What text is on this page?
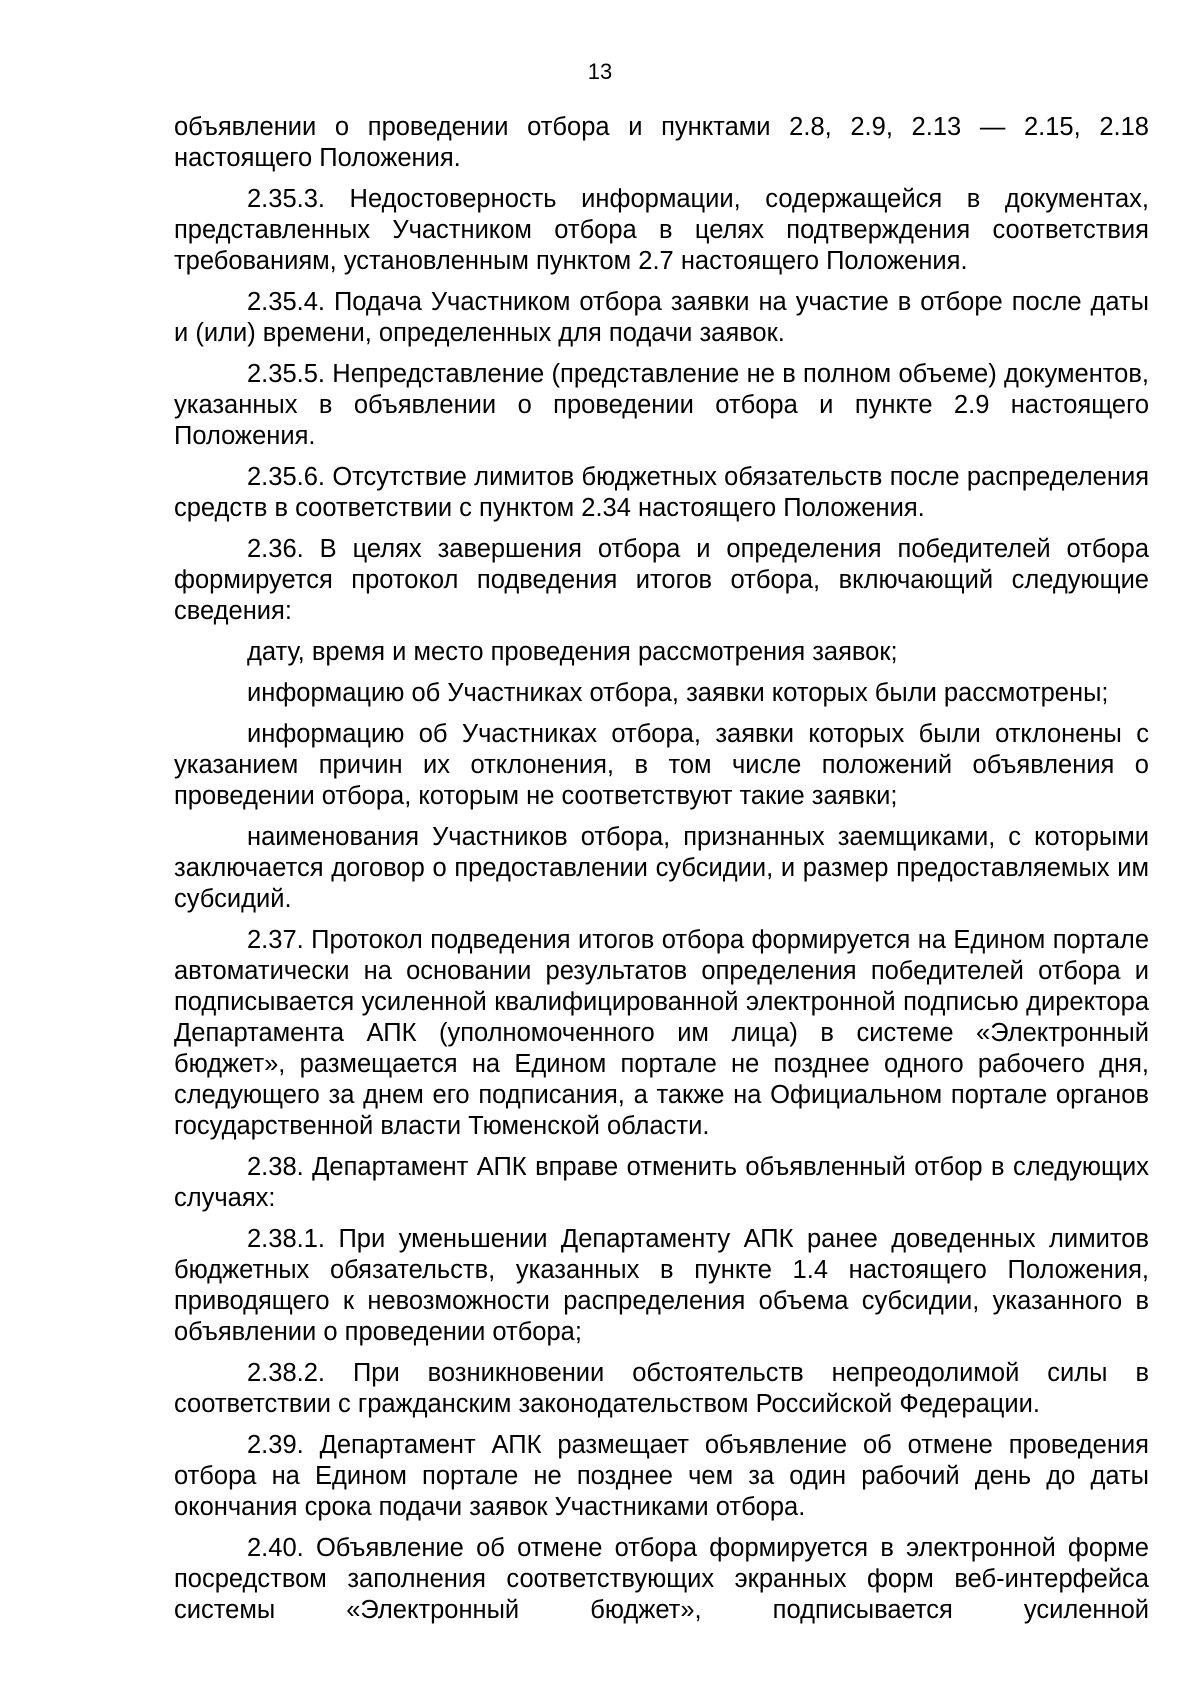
13

объявлении о проведении отбора и пунктами 2.8, 2.9, 2.13 — 2.15, 2.18 настоящего Положения.

2.35.3. Недостоверность информации, содержащейся в документах, представленных Участником отбора в целях подтверждения соответствия требованиям, установленным пунктом 2.7 настоящего Положения.

2.35.4. Подача Участником отбора заявки на участие в отборе после даты и (или) времени, определенных для подачи заявок.

2.35.5. Непредставление (представление не в полном объеме) документов, указанных в объявлении о проведении отбора и пункте 2.9 настоящего Положения.

2.35.6. Отсутствие лимитов бюджетных обязательств после распределения средств в соответствии с пунктом 2.34 настоящего Положения.

2.36. В целях завершения отбора и определения победителей отбора формируется протокол подведения итогов отбора, включающий следующие сведения:

дату, время и место проведения рассмотрения заявок;

информацию об Участниках отбора, заявки которых были рассмотрены;

информацию об Участниках отбора, заявки которых были отклонены с указанием причин их отклонения, в том числе положений объявления о проведении отбора, которым не соответствуют такие заявки;

наименования Участников отбора, признанных заемщиками, с которыми заключается договор о предоставлении субсидии, и размер предоставляемых им субсидий.

2.37. Протокол подведения итогов отбора формируется на Едином портале автоматически на основании результатов определения победителей отбора и подписывается усиленной квалифицированной электронной подписью директора Департамента АПК (уполномоченного им лица) в системе «Электронный бюджет», размещается на Едином портале не позднее одного рабочего дня, следующего за днем его подписания, а также на Официальном портале органов государственной власти Тюменской области.

2.38. Департамент АПК вправе отменить объявленный отбор в следующих случаях:

2.38.1. При уменьшении Департаменту АПК ранее доведенных лимитов бюджетных обязательств, указанных в пункте 1.4 настоящего Положения, приводящего к невозможности распределения объема субсидии, указанного в объявлении о проведении отбора;

2.38.2. При возникновении обстоятельств непреодолимой силы в соответствии с гражданским законодательством Российской Федерации.

2.39. Департамент АПК размещает объявление об отмене проведения отбора на Едином портале не позднее чем за один рабочий день до даты окончания срока подачи заявок Участниками отбора.

2.40. Объявление об отмене отбора формируется в электронной форме посредством заполнения соответствующих экранных форм веб-интерфейса системы «Электронный бюджет», подписывается усиленной
